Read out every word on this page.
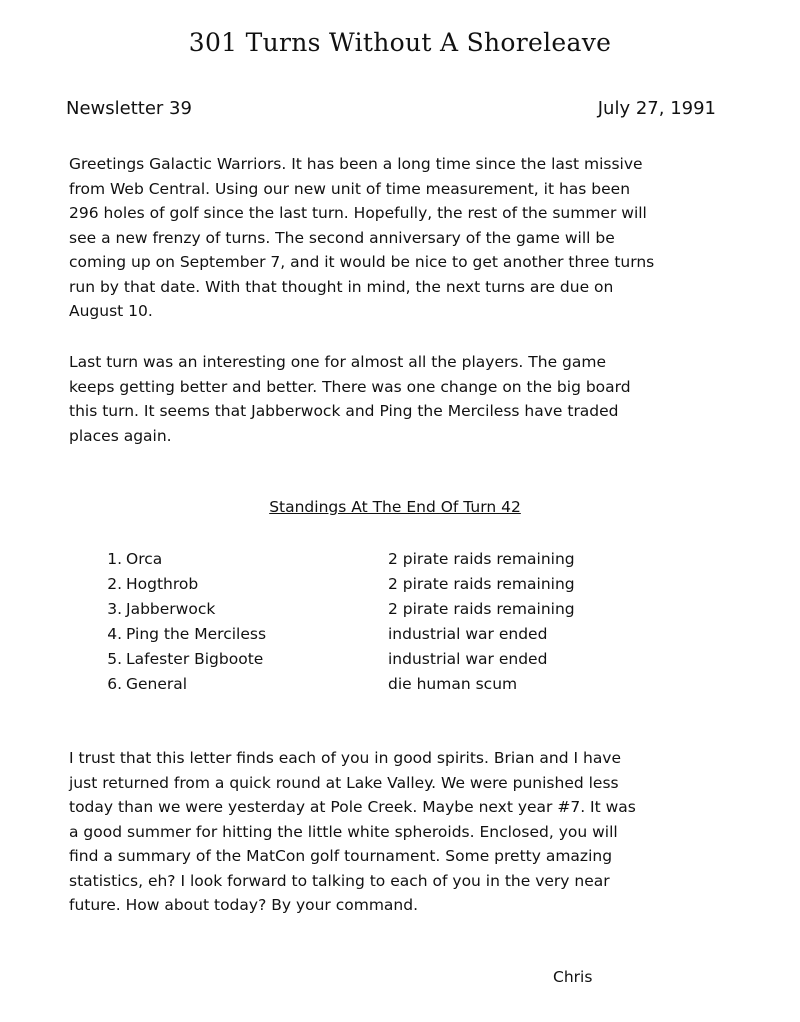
301 Turns Without A Shoreleave
Newsletter 39	July 27, 1991
Greetings Galactic Warriors. It has been a long time since the last missive
from Web Central. Using our new unit of time measurement, it has been
296 holes of golf since the last turn. Hopefully, the rest of the summer will
see a new frenzy of turns. The second anniversary of the game will be
coming up on September 7, and it would be nice to get another three turns
run by that date. With that thought in mind, the next turns are due on
August 10.
Last turn was an interesting one for almost all the players. The game
keeps getting better and better. There was one change on the big board
this turn. It seems that Jabberwock and Ping the Merciless have traded
places again.
Standings At The End Of Turn 42
1. Orca	2 pirate raids remaining
2. Hogthrob	2 pirate raids remaining
3. Jabberwock	2 pirate raids remaining
4. Ping the Merciless	industrial war ended
5. Lafester Bigboote	industrial war ended
6. General	die human scum
I trust that this letter finds each of you in good spirits. Brian and I have
just returned from a quick round at Lake Valley. We were punished less
today than we were yesterday at Pole Creek. Maybe next year #7. It was
a good summer for hitting the little white spheroids. Enclosed, you will
find a summary of the MatCon golf tournament. Some pretty amazing
statistics, eh? I look forward to talking to each of you in the very near
future. How about today? By your command.
Chris
